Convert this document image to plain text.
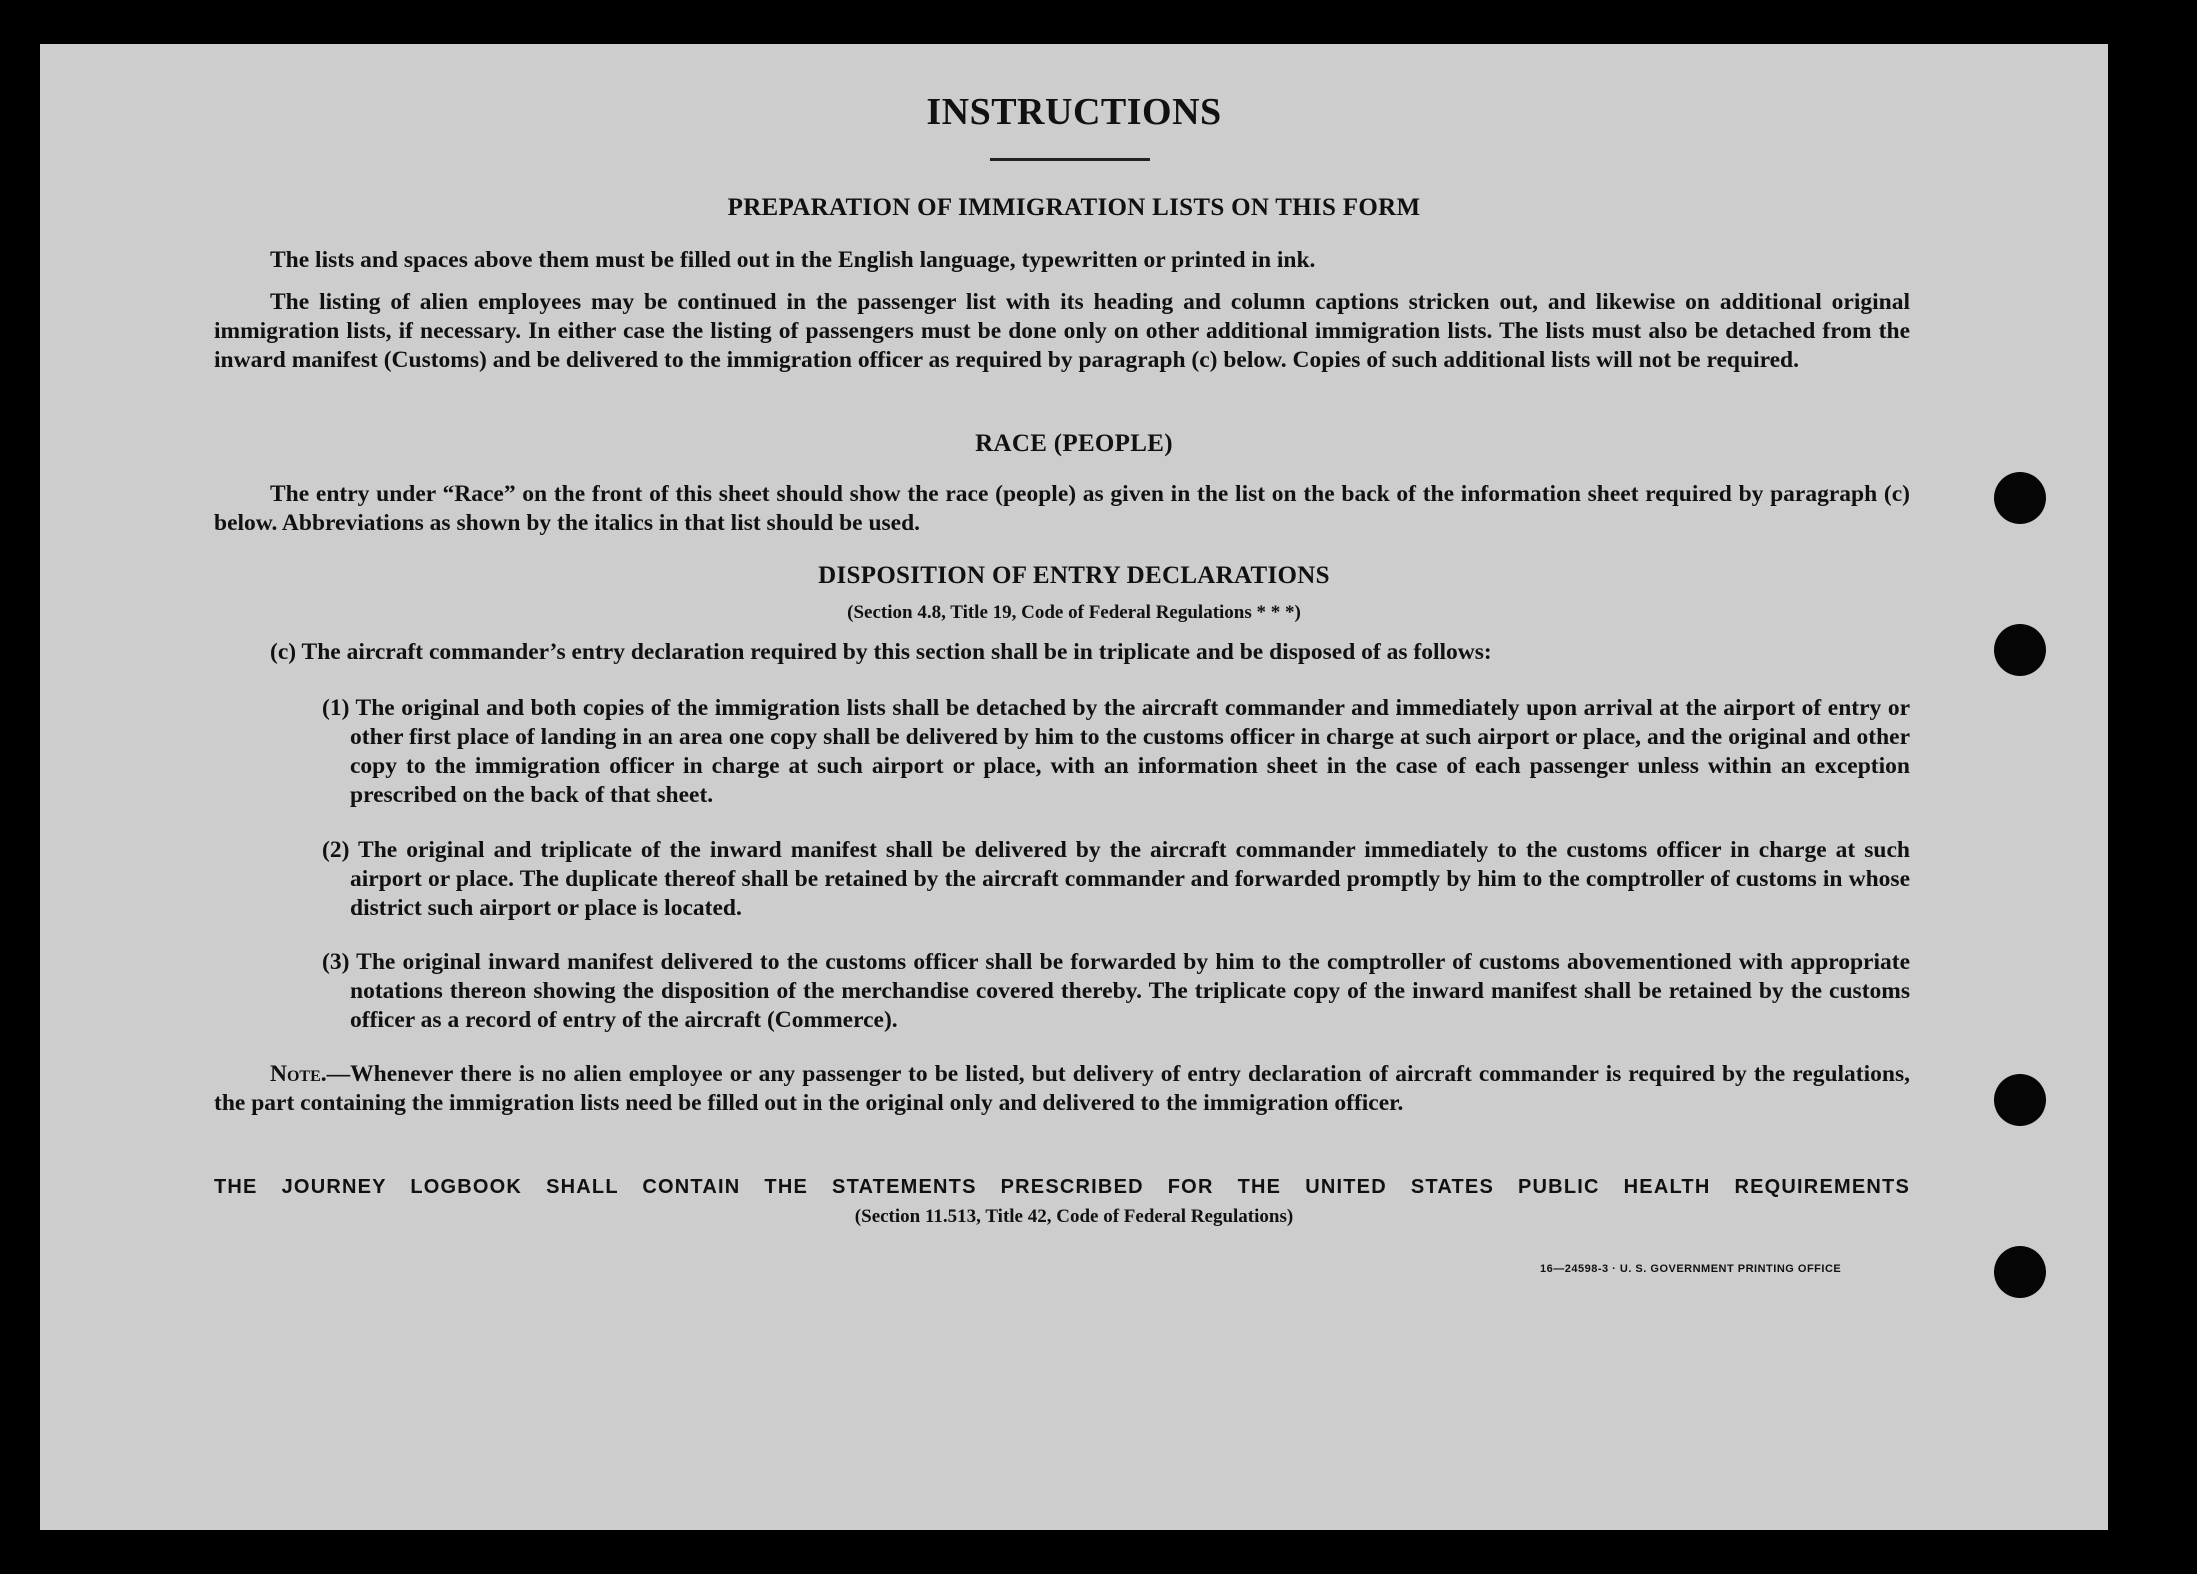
INSTRUCTIONS
PREPARATION OF IMMIGRATION LISTS ON THIS FORM
The lists and spaces above them must be filled out in the English language, typewritten or printed in ink.
The listing of alien employees may be continued in the passenger list with its heading and column captions stricken out, and likewise on additional original immigration lists, if necessary. In either case the listing of passengers must be done only on other additional immigration lists. The lists must also be detached from the inward manifest (Customs) and be delivered to the immigration officer as required by paragraph (c) below. Copies of such additional lists will not be required.
RACE (PEOPLE)
The entry under “Race” on the front of this sheet should show the race (people) as given in the list on the back of the information sheet required by paragraph (c) below. Abbreviations as shown by the italics in that list should be used.
DISPOSITION OF ENTRY DECLARATIONS
(Section 4.8, Title 19, Code of Federal Regulations * * *)
(c) The aircraft commander’s entry declaration required by this section shall be in triplicate and be disposed of as follows:
(1) The original and both copies of the immigration lists shall be detached by the aircraft commander and immediately upon arrival at the airport of entry or other first place of landing in an area one copy shall be delivered by him to the customs officer in charge at such airport or place, and the original and other copy to the immigration officer in charge at such airport or place, with an information sheet in the case of each passenger unless within an exception prescribed on the back of that sheet.
(2) The original and triplicate of the inward manifest shall be delivered by the aircraft commander immediately to the customs officer in charge at such airport or place. The duplicate thereof shall be retained by the aircraft commander and forwarded promptly by him to the comptroller of customs in whose district such airport or place is located.
(3) The original inward manifest delivered to the customs officer shall be forwarded by him to the comptroller of customs abovementioned with appropriate notations thereon showing the disposition of the merchandise covered thereby. The triplicate copy of the inward manifest shall be retained by the customs officer as a record of entry of the aircraft (Commerce).
Note.—Whenever there is no alien employee or any passenger to be listed, but delivery of entry declaration of aircraft commander is required by the regulations, the part containing the immigration lists need be filled out in the original only and delivered to the immigration officer.
THE JOURNEY LOGBOOK SHALL CONTAIN THE STATEMENTS PRESCRIBED FOR THE UNITED STATES PUBLIC HEALTH REQUIREMENTS
(Section 11.513, Title 42, Code of Federal Regulations)
16—24598-3 · U. S. GOVERNMENT PRINTING OFFICE
